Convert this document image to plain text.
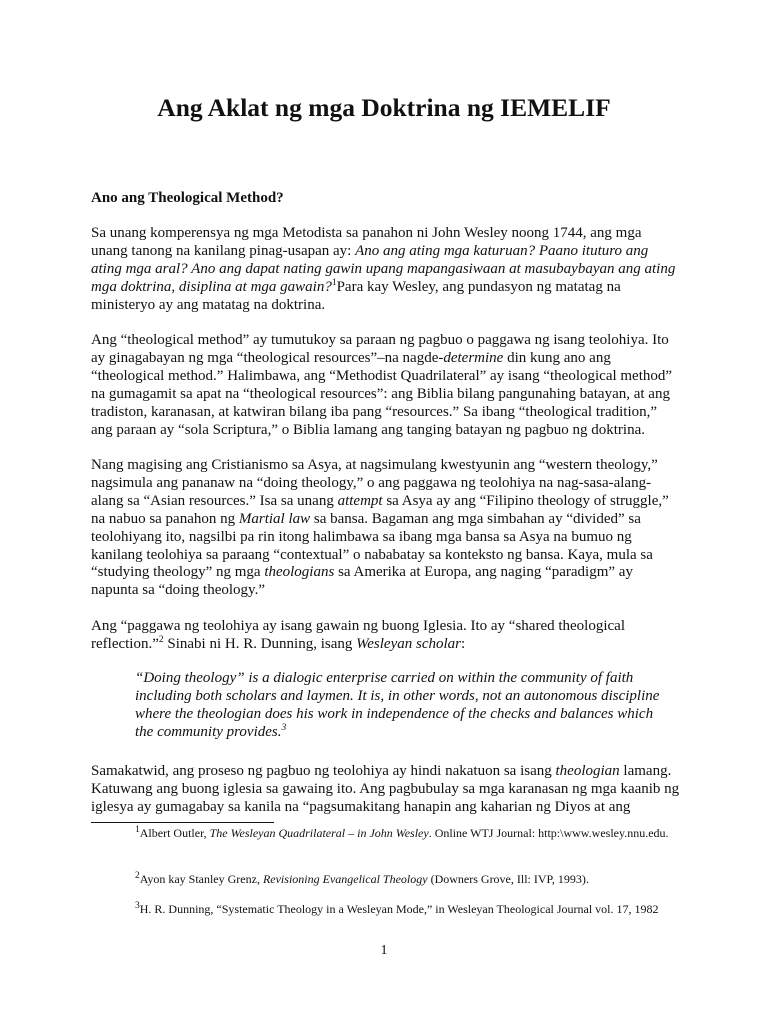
Ang Aklat ng mga Doktrina ng IEMELIF
Ano ang Theological Method?

Sa unang komperensya ng mga Metodista sa panahon ni John Wesley noong 1744, ang mga unang tanong na kanilang pinag-usapan ay: Ano ang ating mga katuruan? Paano ituturo ang ating mga aral? Ano ang dapat nating gawin upang mapangasiwaan at masubaybayan ang ating mga doktrina, disiplina at mga gawain?$^1$Para kay Wesley, ang pundasyon ng matatag na ministeryo ay ang matatag na doktrina.

Ang “theological method” ay tumutukoy sa paraan ng pagbuo o paggawa ng isang teolohiya. Ito ay ginagabayan ng mga “theological resources”–na nagde-determine din kung ano ang “theological method.” Halimbawa, ang “Methodist Quadrilateral” ay isang “theological method” na gumagamit sa apat na “theological resources”: ang Biblia bilang pangunahing batayan, at ang tradiston, karanasan, at katwiran bilang iba pang “resources.” Sa ibang “theological tradition,” ang paraan ay “sola Scriptura,” o Biblia lamang ang tanging batayan ng pagbuo ng doktrina.

Nang magising ang Cristianismo sa Asya, at nagsimulang kwestyunin ang “western theology,” nagsimula ang pananaw na “doing theology,” o ang paggawa ng teolohiya na nag-sasa-alang-alang sa “Asian resources.” Isa sa unang attempt sa Asya ay ang “Filipino theology of struggle,” na nabuo sa panahon ng Martial law sa bansa. Bagaman ang mga simbahan ay “divided” sa teolohiyang ito, nagsilbi pa rin itong halimbawa sa ibang mga bansa sa Asya na bumuo ng kanilang teolohiya sa paraang “contextual” o nababatay sa konteksto ng bansa. Kaya, mula sa “studying theology” ng mga theologians sa Amerika at Europa, ang naging “paradigm” ay napunta sa “doing theology.”

Ang “paggawa ng teolohiya ay isang gawain ng buong Iglesia. Ito ay “shared theological reflection.”$^2$ Sinabi ni H. R. Dunning, isang Wesleyan scholar:

“Doing theology” is a dialogic enterprise carried on within the community of faith including both scholars and laymen. It is, in other words, not an autonomous discipline where the theologian does his work in independence of the checks and balances which the community provides.$^3$

Samakatwid, ang proseso ng pagbuo ng teolohiya ay hindi nakatuon sa isang theologian lamang. Katuwang ang buong iglesia sa gawaing ito. Ang pagbubulay sa mga karanasan ng mga kaanib ng iglesya ay gumagabay sa kanila na “pagsumakitang hanapin ang kaharian ng Diyos at ang

$^1$Albert Outler, The Wesleyan Quadrilateral – in John Wesley. Online WTJ Journal: http:\www.wesley.nnu.edu.

$^2$Ayon kay Stanley Grenz, Revisioning Evangelical Theology (Downers Grove, Ill: IVP, 1993).

$^3$H. R. Dunning, “Systematic Theology in a Wesleyan Mode,” in Wesleyan Theological Journal vol. 17, 1982

1
